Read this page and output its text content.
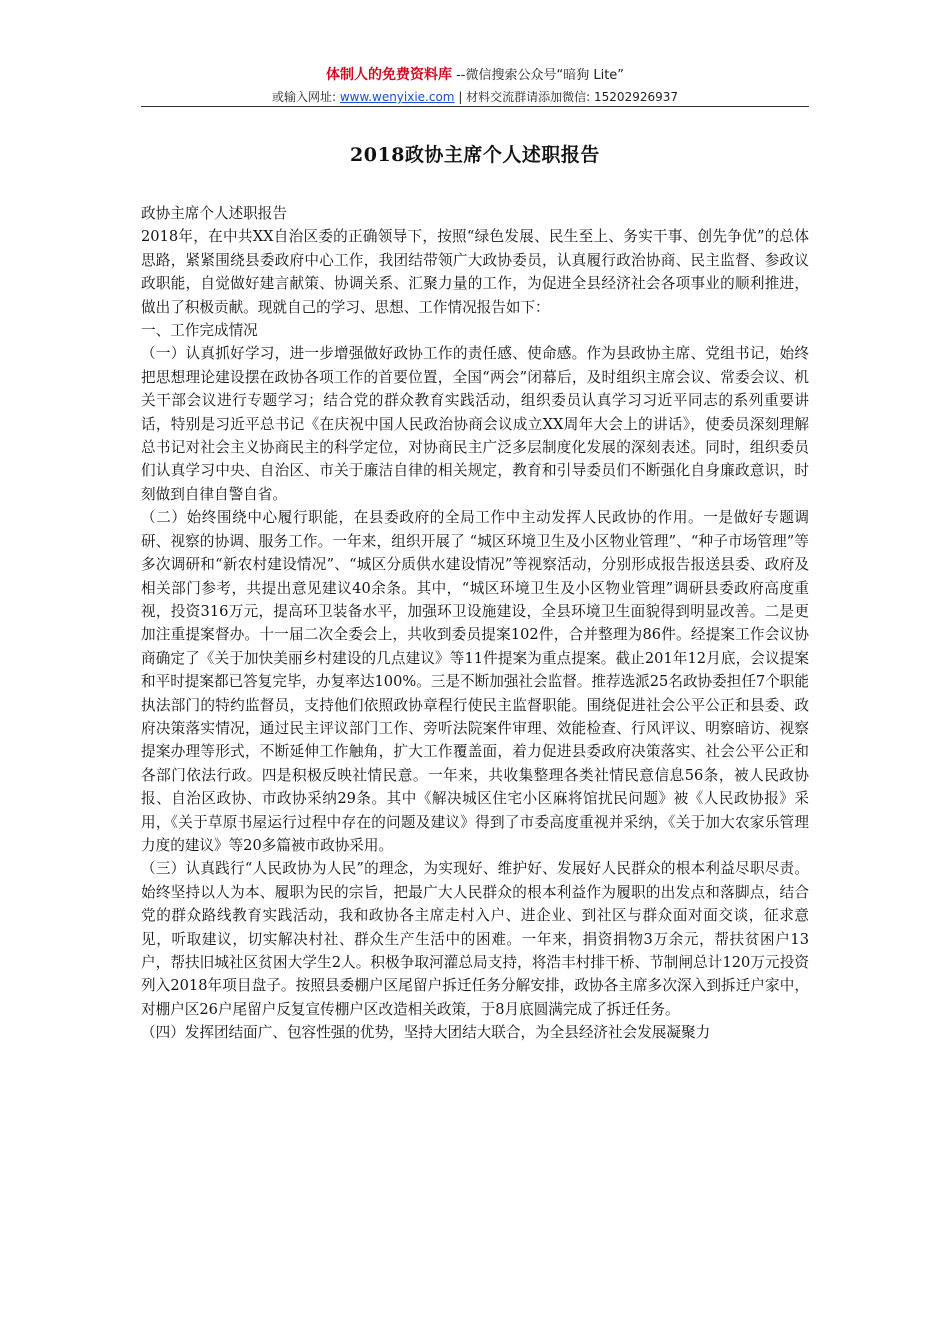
体制人的免费资料库 --微信搜索公众号“暗狗 Lite”
或输入网址: www.wenyixie.com | 材料交流群请添加微信: 15202926937
2018政协主席个人述职报告

政协主席个人述职报告

2018年，在中共XX自治区委的正确领导下，按照“绿色发展、民生至上、务实干事、创先争优”的总体思路，紧紧围绕县委政府中心工作，我团结带领广大政协委员，认真履行政治协商、民主监督、参政议政职能，自觉做好建言献策、协调关系、汇聚力量的工作，为促进全县经济社会各项事业的顺利推进，做出了积极贡献。现就自己的学习、思想、工作情况报告如下：

一、工作完成情况

（一）认真抓好学习，进一步增强做好政协工作的责任感、使命感。作为县政协主席、党组书记，始终把思想理论建设摆在政协各项工作的首要位置，全国“两会”闭幕后，及时组织主席会议、常委会议、机关干部会议进行专题学习；结合党的群众教育实践活动，组织委员认真学习习近平同志的系列重要讲话，特别是习近平总书记《在庆祝中国人民政治协商会议成立XX周年大会上的讲话》，使委员深刻理解总书记对社会主义协商民主的科学定位，对协商民主广泛多层制度化发展的深刻表述。同时，组织委员们认真学习中央、自治区、市关于廉洁自律的相关规定，教育和引导委员们不断强化自身廉政意识，时刻做到自律自警自省。

（二）始终围绕中心履行职能，在县委政府的全局工作中主动发挥人民政协的作用。一是做好专题调研、视察的协调、服务工作。一年来，组织开展了 “城区环境卫生及小区物业管理”、“种子市场管理”等多次调研和“新农村建设情况”、“城区分质供水建设情况”等视察活动，分别形成报告报送县委、政府及相关部门参考，共提出意见建议40余条。其中，“城区环境卫生及小区物业管理”调研县委政府高度重视，投资316万元，提高环卫装备水平，加强环卫设施建设，全县环境卫生面貌得到明显改善。二是更加注重提案督办。十一届二次全委会上，共收到委员提案102件，合并整理为86件。经提案工作会议协商确定了《关于加快美丽乡村建设的几点建议》等11件提案为重点提案。截止201年12月底，会议提案和平时提案都已答复完毕，办复率达100%。三是不断加强社会监督。推荐选派25名政协委担任7个职能执法部门的特约监督员，支持他们依照政协章程行使民主监督职能。围绕促进社会公平公正和县委、政府决策落实情况，通过民主评议部门工作、旁听法院案件审理、效能检查、行风评议、明察暗访、视察提案办理等形式，不断延伸工作触角，扩大工作覆盖面，着力促进县委政府决策落实、社会公平公正和各部门依法行政。四是积极反映社情民意。一年来，共收集整理各类社情民意信息56条，被人民政协报、自治区政协、市政协采纳29条。其中《解决城区住宅小区麻将馆扰民问题》被《人民政协报》采用，《关于草原书屋运行过程中存在的问题及建议》得到了市委高度重视并采纳，《关于加大农家乐管理力度的建议》等20多篇被市政协采用。

（三）认真践行“人民政协为人民”的理念，为实现好、维护好、发展好人民群众的根本利益尽职尽责。始终坚持以人为本、履职为民的宗旨，把最广大人民群众的根本利益作为履职的出发点和落脚点，结合党的群众路线教育实践活动，我和政协各主席走村入户、进企业、到社区与群众面对面交谈，征求意见，听取建议，切实解决村社、群众生产生活中的困难。一年来，捐资捐物3万余元，帮扶贫困户13户，帮扶旧城社区贫困大学生2人。积极争取河灌总局支持，将浩丰村排干桥、节制闸总计120万元投资列入2018年项目盘子。按照县委棚户区尾留户拆迁任务分解安排，政协各主席多次深入到拆迁户家中，对棚户区26户尾留户反复宣传棚户区改造相关政策，于8月底圆满完成了拆迁任务。

（四）发挥团结面广、包容性强的优势，坚持大团结大联合，为全县经济社会发展凝聚力
